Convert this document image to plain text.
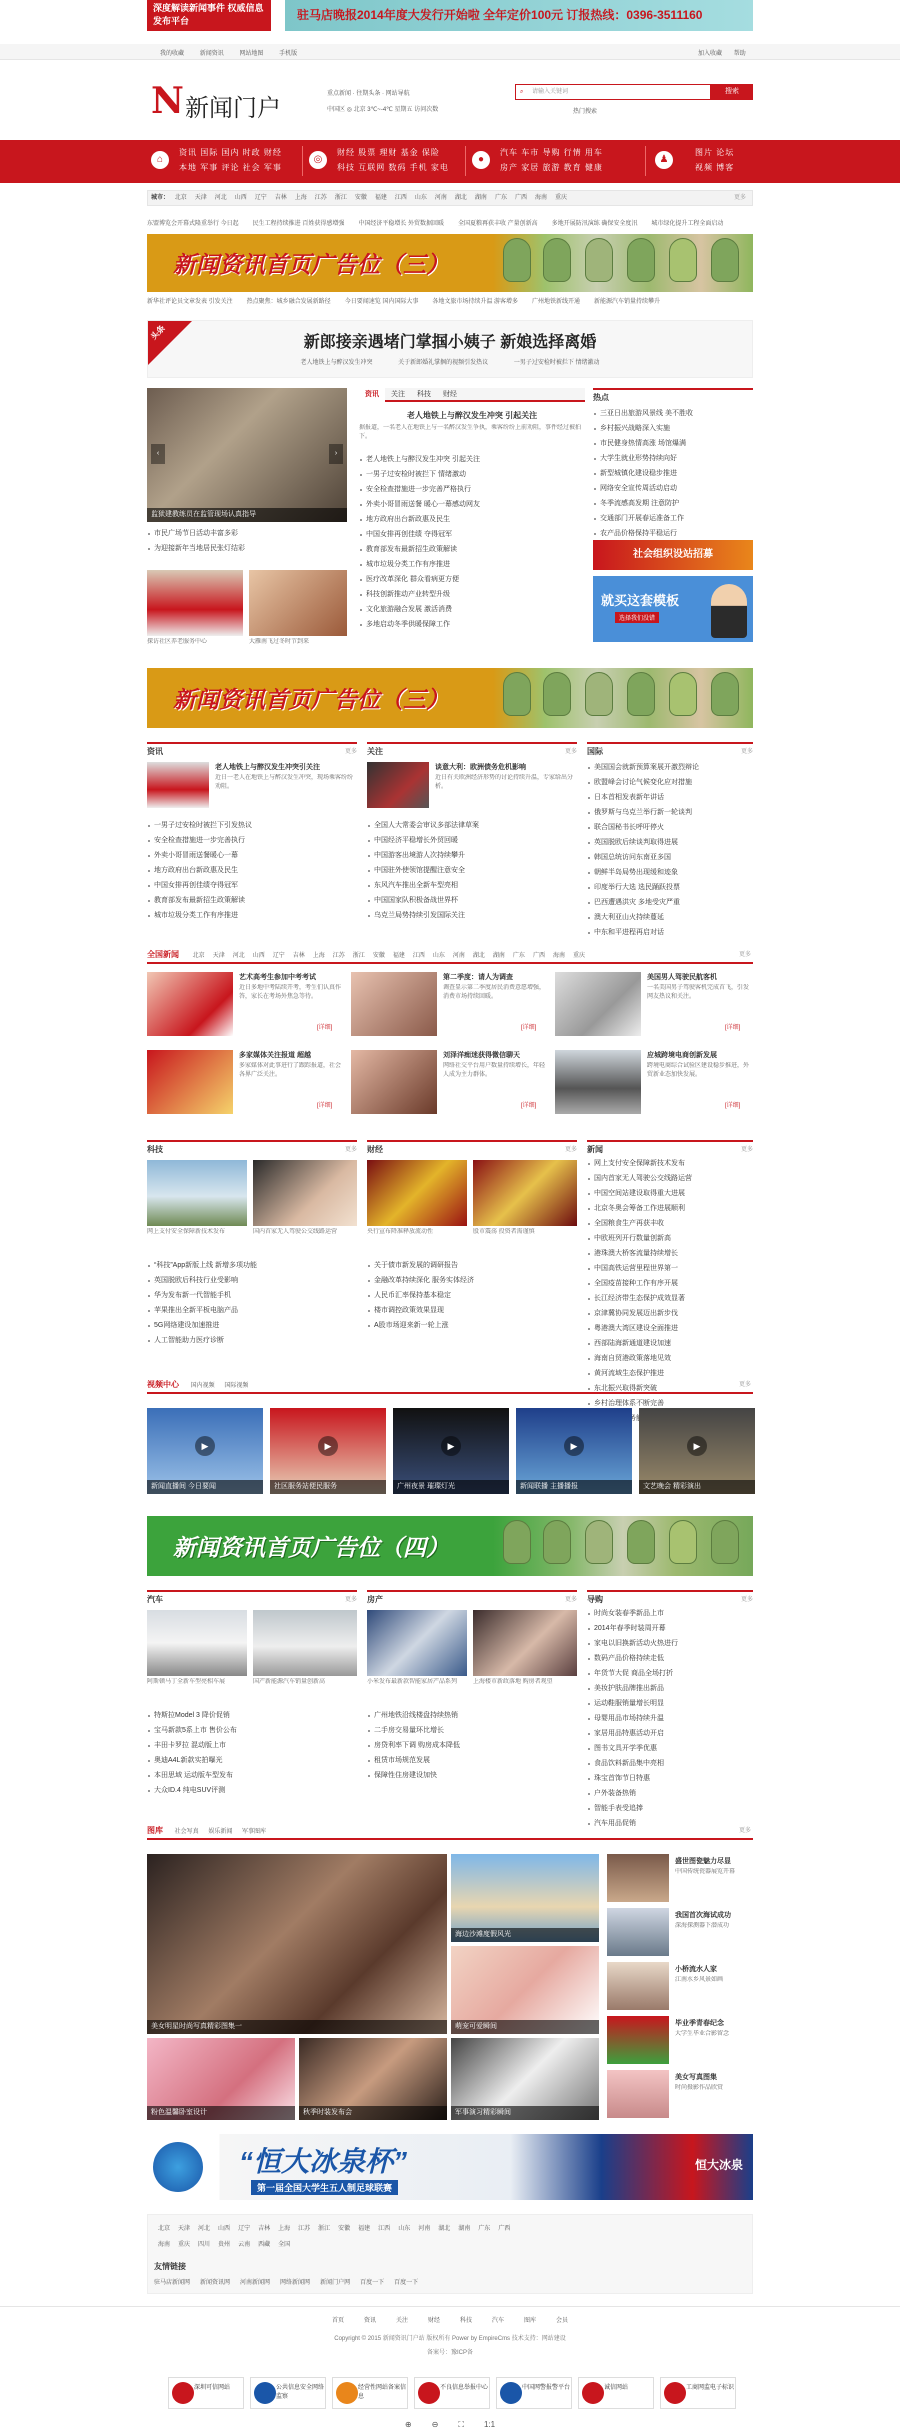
深度解读新闻事件 权威信息发布平台	驻马店晚报2014年度大发行开始啦 全年定价100元 订报热线：0396-3511160
我的收藏	新闻资讯	网站地图	手机版	加入收藏 帮助
N 新闻门户	重点新闻 · 往期头条 · 网站导航
中国区 ◎ 北京 3℃~-4℃ 星期五 访问次数
⌕ 请输入关键词	搜索
热门搜索
⌂
资讯 国际 国内 时政 财经
本地 军事 评论 社会 军事
◎
财经 股票 理财 基金 保险
科技 互联网 数码 手机 家电
●
汽车 车市 导购 行情 用车
房产 家居 旅游 教育 健康
♟
图片 论坛
视频 博客
城市： 北京 天津 河北 山西 辽宁 吉林 上海 江苏 浙江 安徽 福建 江西 山东 河南 湖北 湖南 广东 广西 海南 重庆	更多
东盟博览会开幕式隆重举行 今日起 民生工程持续推进 百姓获得感增强 中国经济平稳增长 外贸数据回暖 全国夏粮再获丰收 产量创新高 多地开展防汛演练 确保安全度汛 城市绿化提升工程全面启动
新闻资讯首页广告位（三）
新华社评论员文章发表 引发关注 热点聚焦：城乡融合发展新路径 今日要闻速览 国内国际大事 各地文旅市场持续升温 游客增多 广州地铁新线开通 新能源汽车销量持续攀升
头条
新郎接亲遇堵门掌掴小姨子 新娘选择离婚
老人地铁上与醉汉发生冲突	关于新郎婚礼掌掴的视频引发热议	一男子过安检时被拦下 情绪激动
‹	›
监狱建教练员在监管现场认真指导
市民广场节日活动丰富多彩
为迎接新年当地居民张灯结彩
探访社区养老服务中心	大雁南飞过冬时节到来
资讯 关注 科技 财经
老人地铁上与醉汉发生冲突 引起关注
据报道，一名老人在地铁上与一名醉汉发生争执，乘客纷纷上前劝阻，事件经过被拍下。
老人地铁上与醉汉发生冲突 引起关注
一男子过安检时被拦下 情绪激动
安全检查措施进一步完善严格执行
外卖小哥冒雨送餐 暖心一幕感动网友
地方政府出台新政惠及民生
中国女排再创佳绩 夺得冠军
教育部发布最新招生政策解读
城市垃圾分类工作有序推进
医疗改革深化 群众看病更方便
科技创新推动产业转型升级
文化旅游融合发展 激活消费
多地启动冬季供暖保障工作
热点
三亚日出旅游风景线 美不胜收
乡村振兴战略深入实施
市民健身热情高涨 场馆爆满
大学生就业形势持续向好
新型城镇化建设稳步推进
网络安全宣传周活动启动
冬季流感高发期 注意防护
交通部门开展春运准备工作
农产品价格保持平稳运行
社会组织设站招募
就买这套模板
选择我们没错
新闻资讯首页广告位（三）
资讯	更多
老人地铁上与醉汉发生冲突引关注
近日一老人在地铁上与醉汉发生冲突，现场乘客纷纷劝阻。
一男子过安检时被拦下引发热议
安全检查措施进一步完善执行
外卖小哥冒雨送餐暖心一幕
地方政府出台新政惠及民生
中国女排再创佳绩夺得冠军
教育部发布最新招生政策解读
城市垃圾分类工作有序推进
关注	更多
谈意大利：欧洲债务危机影响
近日有关欧洲经济形势的讨论持续升温，专家给出分析。
全国人大常委会审议多部法律草案
中国经济平稳增长外贸回暖
中国游客出境游人次持续攀升
中国驻外使领馆提醒注意安全
东风汽车推出全新车型亮相
中国国家队积极备战世界杯
乌克兰局势持续引发国际关注
国际	更多
美国国会就新预算案展开激烈辩论
欧盟峰会讨论气候变化应对措施
日本首相发表新年讲话
俄罗斯与乌克兰举行新一轮谈判
联合国秘书长呼吁停火
英国脱欧后续谈判取得进展
韩国总统访问东南亚多国
朝鲜半岛局势出现缓和迹象
印度举行大选 选民踊跃投票
巴西遭遇洪灾 多地受灾严重
澳大利亚山火持续蔓延
中东和平进程再启对话
全国新闻 北京 天津 河北 山西 辽宁 吉林 上海 江苏 浙江 安徽 福建 江西 山东 河南 湖北 湖南 广东 广西 海南 重庆	更多
艺术高考生参加中考考试
近日多地中考陆续开考，考生们认真作答，家长在考场外焦急等待。
[详细]
第二季度：请人为调查
调查显示第二季度居民消费意愿增强，消费市场持续回暖。
[详细]
美国男人驾驶民航客机
一名美国男子驾驶客机完成首飞，引发网友热议和关注。
[详细]
多家媒体关注报道 超越
多家媒体对此事进行了跟踪报道，社会各界广泛关注。
[详细]
刘泽洋痴迷获得微信聊天
网络社交平台用户数量持续增长，年轻人成为主力群体。
[详细]
应城跨境电商创新发展
跨境电商综合试验区建设稳步推进，外贸新业态加快发展。
[详细]
科技	更多
网上支付安全保障新技术发布	国内首家无人驾驶公交线路运营
“科技”App新版上线 新增多项功能
英国脱欧后科技行业受影响
华为发布新一代智能手机
苹果推出全新平板电脑产品
5G网络建设加速推进
人工智能助力医疗诊断
财经	更多
央行宣布降准释放流动性	股市震荡 投资者需谨慎
关于债市新发展的调研报告
金融改革持续深化 服务实体经济
人民币汇率保持基本稳定
楼市调控政策效果显现
A股市场迎来新一轮上涨
新闻	更多
网上支付安全保障新技术发布
国内首家无人驾驶公交线路运营
中国空间站建设取得重大进展
北京冬奥会筹备工作进展顺利
全国粮食生产再获丰收
中欧班列开行数量创新高
港珠澳大桥客流量持续增长
中国高铁运营里程世界第一
全国疫苗接种工作有序开展
长江经济带生态保护成效显著
京津冀协同发展迈出新步伐
粤港澳大湾区建设全面推进
西部陆海新通道建设加速
海南自贸港政策落地见效
黄河流域生态保护推进
东北振兴取得新突破
乡村治理体系不断完善
视频中心 国内视频 国际视频	更多
▶
新闻直播间 今日要闻
▶
社区服务站便民服务
▶
广州夜景 璀璨灯光
▶
新闻联播 主播播报
▶
文艺晚会 精彩演出
新闻资讯首页广告位（四）
汽车	更多
阿斯顿马丁全新车型亮相车展	国产新能源汽车销量创新高
特斯拉Model 3 降价促销
宝马新款5系上市 售价公布
丰田卡罗拉 混动版上市
奥迪A4L新款实拍曝光
本田思域 运动版车型发布
大众ID.4 纯电SUV评测
房产	更多
小米发布最新款智能家居产品系列	上海楼市新政落地 购房者观望
广州地铁沿线楼盘持续热销
二手房交易量环比增长
房贷利率下调 购房成本降低
租赁市场规范发展
保障性住房建设加快
导购	更多
时尚女装春季新品上市
2014年春季时装周开幕
家电以旧换新活动火热进行
数码产品价格持续走低
年货节大促 商品全场打折
美妆护肤品牌推出新品
运动鞋服销量增长明显
母婴用品市场持续升温
家居用品特惠活动开启
图书文具开学季优惠
食品饮料新品集中亮相
珠宝首饰节日特惠
户外装备热销
智能手表受追捧
汽车用品促销
图库 社会写真 娱乐新闻 军事图库	更多
美女明星时尚写真精彩图集一
海边沙滩度假风光
萌宠可爱瞬间
粉色温馨卧室设计	秋季时装发布会	军事演习精彩瞬间
盛世图瓷魅力尽显
中国传统瓷器展览开幕
我国首次海试成功
深海探测器下潜成功
小桥流水人家
江南水乡风景如画
毕业季青春纪念
大学生毕业合影留念
美女写真图集
时尚摄影作品欣赏
“恒大冰泉杯”
第一届全国大学生五人制足球联赛
恒大冰泉
北京 天津 河北 山西 辽宁 吉林 上海 江苏 浙江 安徽 福建 江西 山东 河南 湖北 湖南 广东 广西
海南 重庆 四川 贵州 云南 西藏 全国
友情链接
驻马店新闻网 新闻资讯网 河南新闻网 网络新闻网 新闻门户网 百度一下 百度一下
首页	资讯	关注	财经	科技	汽车	图库	会员
Copyright © 2015 新闻资讯门户站 版权所有 Power by EmpireCms 技术支持：网站建设
备案号：豫ICP备
深圳可信网站	公共信息安全网络监察
经营性网站备案信息
不良信息举报中心	中国网警报警平台	诚信网站	工商网监电子标识
⊕	⊖	⛶	1:1
